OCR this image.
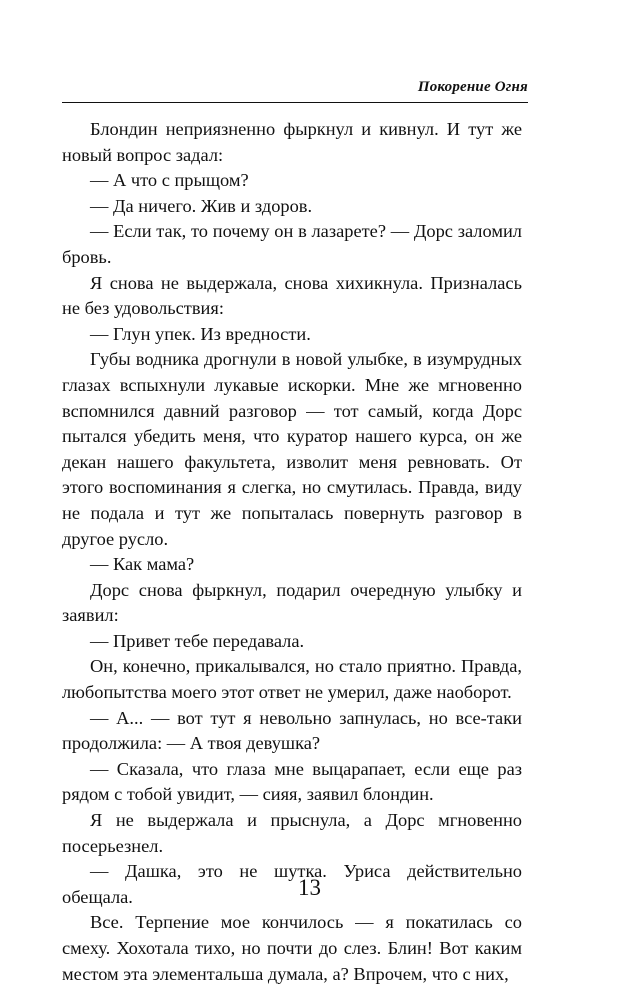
Покорение Огня

Блондин неприязненно фыркнул и кивнул. И тут же новый вопрос задал:

— А что с прыщом?

— Да ничего. Жив и здоров.

— Если так, то почему он в лазарете? — Дорс заломил бровь.

Я снова не выдержала, снова хихикнула. Призналась не без удовольствия:

— Глун упек. Из вредности.

Губы водника дрогнули в новой улыбке, в изумрудных глазах вспыхнули лукавые искорки. Мне же мгновенно вспомнился давний разговор — тот самый, когда Дорс пытался убедить меня, что куратор нашего курса, он же декан нашего факультета, изволит меня ревновать. От этого воспоминания я слегка, но смутилась. Правда, виду не подала и тут же попыталась повернуть разговор в другое русло.

— Как мама?

Дорс снова фыркнул, подарил очередную улыбку и заявил:

— Привет тебе передавала.

Он, конечно, прикалывался, но стало приятно. Правда, любопытства моего этот ответ не умерил, даже наоборот.

— А... — вот тут я невольно запнулась, но все-таки продолжила: — А твоя девушка?

— Сказала, что глаза мне выцарапает, если еще раз рядом с тобой увидит, — сияя, заявил блондин.

Я не выдержала и прыснула, а Дорс мгновенно посерьезнел.

— Дашка, это не шутка. Уриса действительно обещала.

Все. Терпение мое кончилось — я покатилась со смеху. Хохотала тихо, но почти до слез. Блин! Вот каким местом эта элементальша думала, а? Впрочем, что с них,

13
